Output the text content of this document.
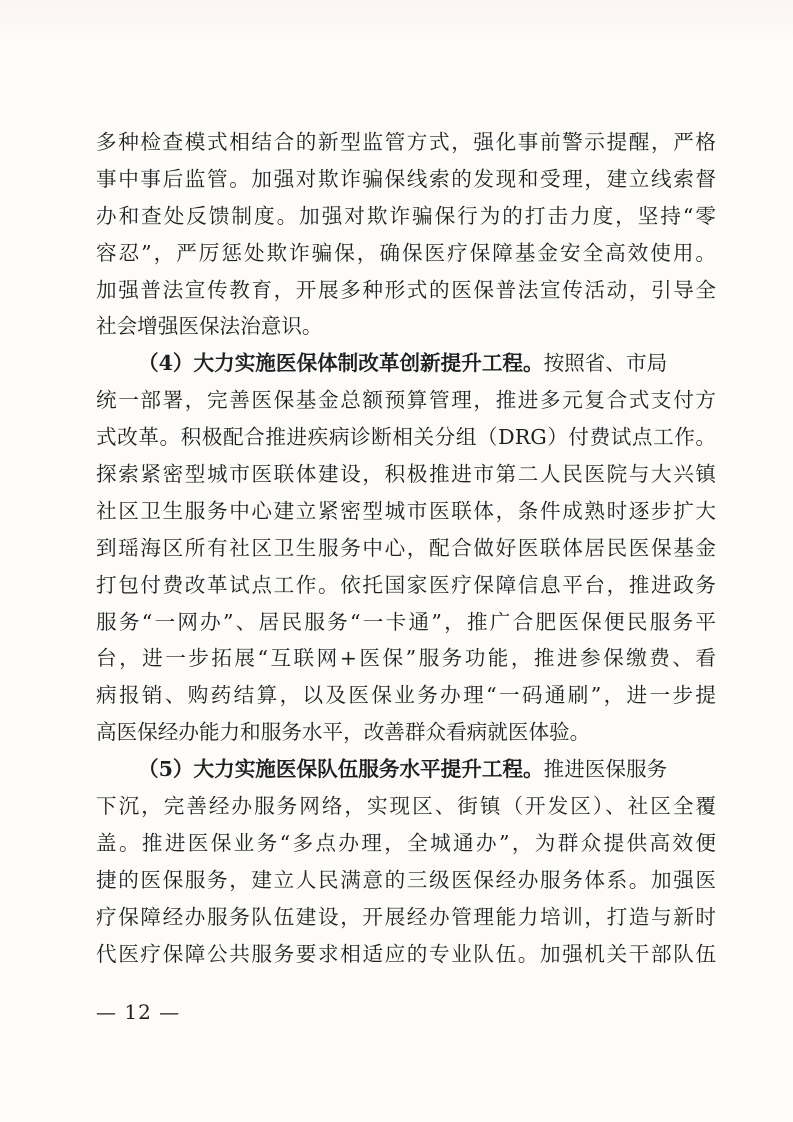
多种检查模式相结合的新型监管方式，强化事前警示提醒，严格
事中事后监管。加强对欺诈骗保线索的发现和受理，建立线索督
办和查处反馈制度。加强对欺诈骗保行为的打击力度，坚持“零
容忍”，严厉惩处欺诈骗保，确保医疗保障基金安全高效使用。
加强普法宣传教育，开展多种形式的医保普法宣传活动，引导全
社会增强医保法治意识。
（4）大力实施医保体制改革创新提升工程。按照省、市局
统一部署，完善医保基金总额预算管理，推进多元复合式支付方
式改革。积极配合推进疾病诊断相关分组（DRG）付费试点工作。
探索紧密型城市医联体建设，积极推进市第二人民医院与大兴镇
社区卫生服务中心建立紧密型城市医联体，条件成熟时逐步扩大
到瑶海区所有社区卫生服务中心，配合做好医联体居民医保基金
打包付费改革试点工作。依托国家医疗保障信息平台，推进政务
服务“一网办”、居民服务“一卡通”，推广合肥医保便民服务平
台，进一步拓展“互联网+医保”服务功能，推进参保缴费、看
病报销、购药结算，以及医保业务办理“一码通刷”，进一步提
高医保经办能力和服务水平，改善群众看病就医体验。
（5）大力实施医保队伍服务水平提升工程。推进医保服务
下沉，完善经办服务网络，实现区、街镇（开发区）、社区全覆
盖。推进医保业务“多点办理，全城通办”，为群众提供高效便
捷的医保服务，建立人民满意的三级医保经办服务体系。加强医
疗保障经办服务队伍建设，开展经办管理能力培训，打造与新时
代医疗保障公共服务要求相适应的专业队伍。加强机关干部队伍
— 12 —
